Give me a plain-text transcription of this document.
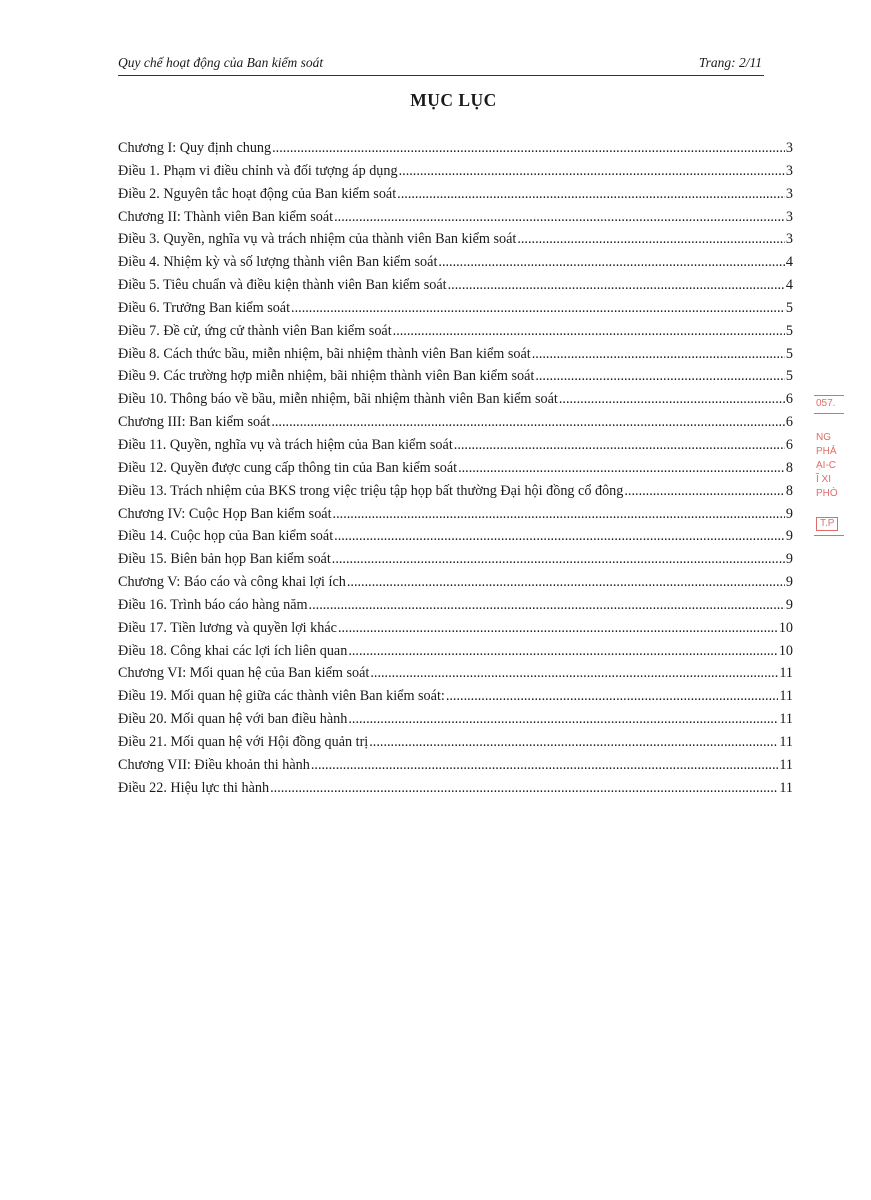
Quy chế hoạt động của Ban kiểm soát	Trang: 2/11
MỤC LỤC
Chương I: Quy định chung .....	3
Điều 1. Phạm vi điều chỉnh và đối tượng áp dụng .....	3
Điều 2. Nguyên tắc hoạt động của Ban kiểm soát .....	3
Chương II: Thành viên Ban kiểm soát .....	3
Điều 3. Quyền, nghĩa vụ và trách nhiệm của thành viên Ban kiểm soát .....	3
Điều 4. Nhiệm kỳ và số lượng thành viên Ban kiểm soát .....	4
Điều 5. Tiêu chuẩn và điều kiện thành viên Ban kiểm soát .....	4
Điều 6. Trưởng Ban kiểm soát .....	5
Điều 7. Đề cử, ứng cử thành viên Ban kiểm soát .....	5
Điều 8. Cách thức bầu, miễn nhiệm, bãi nhiệm thành viên Ban kiểm soát .....	5
Điều 9. Các trường hợp miễn nhiệm, bãi nhiệm thành viên Ban kiểm soát .....	5
Điều 10. Thông báo về bầu, miễn nhiệm, bãi nhiệm thành viên Ban kiểm soát .....	6
Chương III: Ban kiểm soát .....	6
Điều 11. Quyền, nghĩa vụ và trách hiệm của Ban kiểm soát .....	6
Điều 12. Quyền được cung cấp thông tin của Ban kiểm soát .....	8
Điều 13. Trách nhiệm của BKS trong việc triệu tập họp bất thường Đại hội đồng cổ đông .....	8
Chương IV: Cuộc Họp Ban kiểm soát .....	9
Điều 14. Cuộc họp của Ban kiểm soát .....	9
Điều 15. Biên bản họp Ban kiểm soát .....	9
Chương V: Báo cáo và công khai lợi ích .....	9
Điều 16. Trình báo cáo hàng năm .....	9
Điều 17. Tiền lương và quyền lợi khác .....	10
Điều 18. Công khai các lợi ích liên quan .....	10
Chương VI: Mối quan hệ của Ban kiểm soát .....	11
Điều 19. Mối quan hệ giữa các thành viên Ban kiểm soát: .....	11
Điều 20. Mối quan hệ với ban điều hành .....	11
Điều 21. Mối quan hệ với Hội đồng quản trị .....	11
Chương VII: Điều khoản thi hành .....	11
Điều 22. Hiệu lực thi hành .....	11
057.
NG
PHẢ
ẠI-C
Ĩ XI
PHÒ
T.P
